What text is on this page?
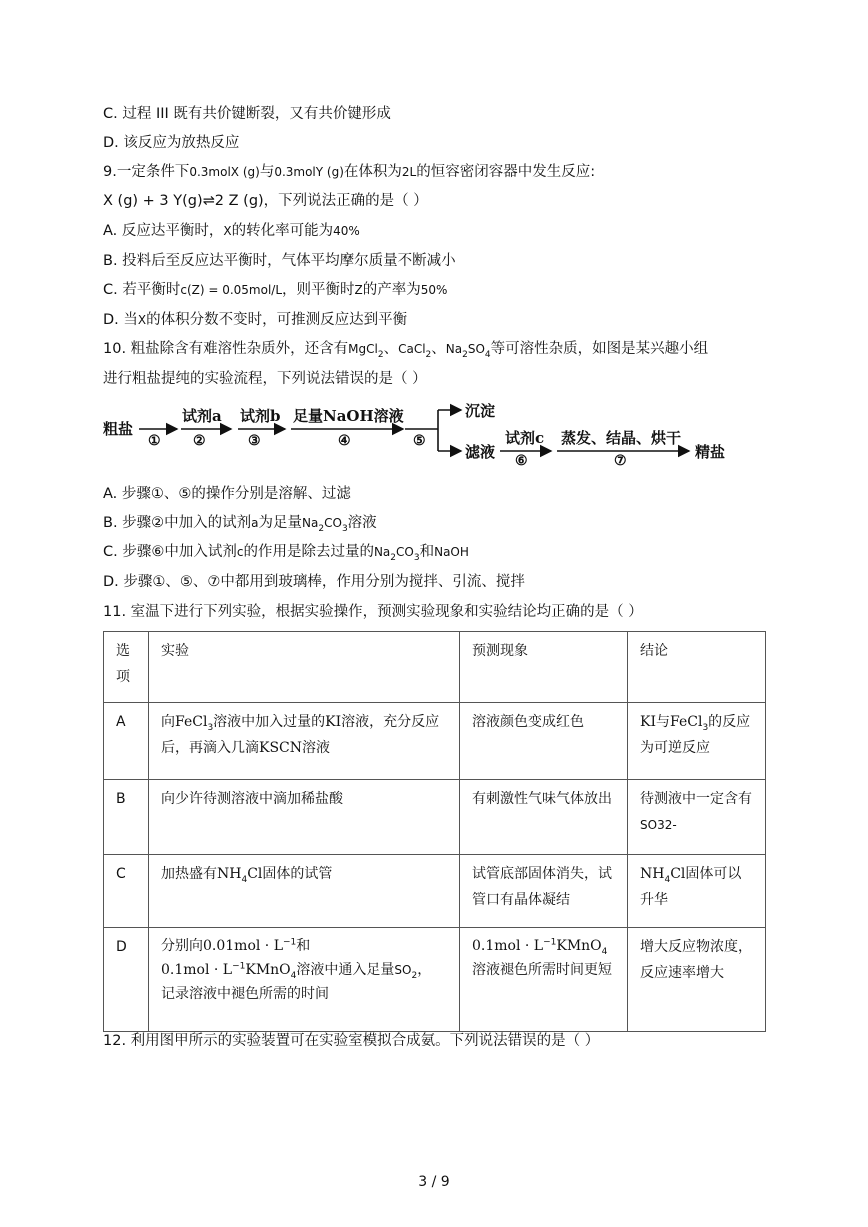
C. 过程 III 既有共价键断裂，又有共价键形成
D. 该反应为放热反应
9.一定条件下0.3molX (g)与0.3molY (g)在体积为2L的恒容密闭容器中发生反应:
X (g) + 3 Y(g)⇌2 Z (g)，下列说法正确的是（ ）
A. 反应达平衡时，X的转化率可能为40%
B. 投料后至反应达平衡时，气体平均摩尔质量不断减小
C. 若平衡时c(Z) = 0.05mol/L，则平衡时Z的产率为50%
D. 当X的体积分数不变时，可推测反应达到平衡
10. 粗盐除含有难溶性杂质外，还含有MgCl$_2$、CaCl$_2$、$Na_2SO_4$等可溶性杂质，如图是某兴趣小组
进行粗盐提纯的实验流程，下列说法错误的是（ ）
粗盐
①
试剂a
②
试剂b
③
足量NaOH溶液
④	⑤
沉淀
滤液
试剂c
⑥
蒸发、结晶、烘干
⑦	精盐
A. 步骤①、⑤的操作分别是溶解、过滤
B. 步骤②中加入的试剂a为足量$Na_2CO_3$溶液
C. 步骤⑥中加入试剂c的作用是除去过量的$Na_2CO_3$和NaOH
D. 步骤①、⑤、⑦中都用到玻璃棒，作用分别为搅拌、引流、搅拌
11. 室温下进行下列实验，根据实验操作，预测实验现象和实验结论均正确的是（ ）
选项	实验	预测现象	结论
A	向FeCl$_3$溶液中加入过量的KI溶液，充分反应后，再滴入几滴KSCN溶液	溶液颜色变成红色	KI与FeCl$_3$的反应为可逆反应
B	向少许待测溶液中滴加稀盐酸	有刺激性气味气体放出	待测液中一定含有SO32-
C	加热盛有$NH_4Cl$固体的试管	试管底部固体消失，试管口有晶体凝结	$NH_4Cl$固体可以升华
D	分别向$0.01mol \cdot L^{-1}$和
$0.1mol \cdot L^{-1}KMnO_4$溶液中通入足量$SO_2$，
记录溶液中褪色所需的时间	$0.1mol \cdot L^{-1}KMnO_4$溶液褪色所需时间更短	增大反应物浓度，反应速率增大
12. 利用图甲所示的实验装置可在实验室模拟合成氨。下列说法错误的是（ ）
3 / 9
